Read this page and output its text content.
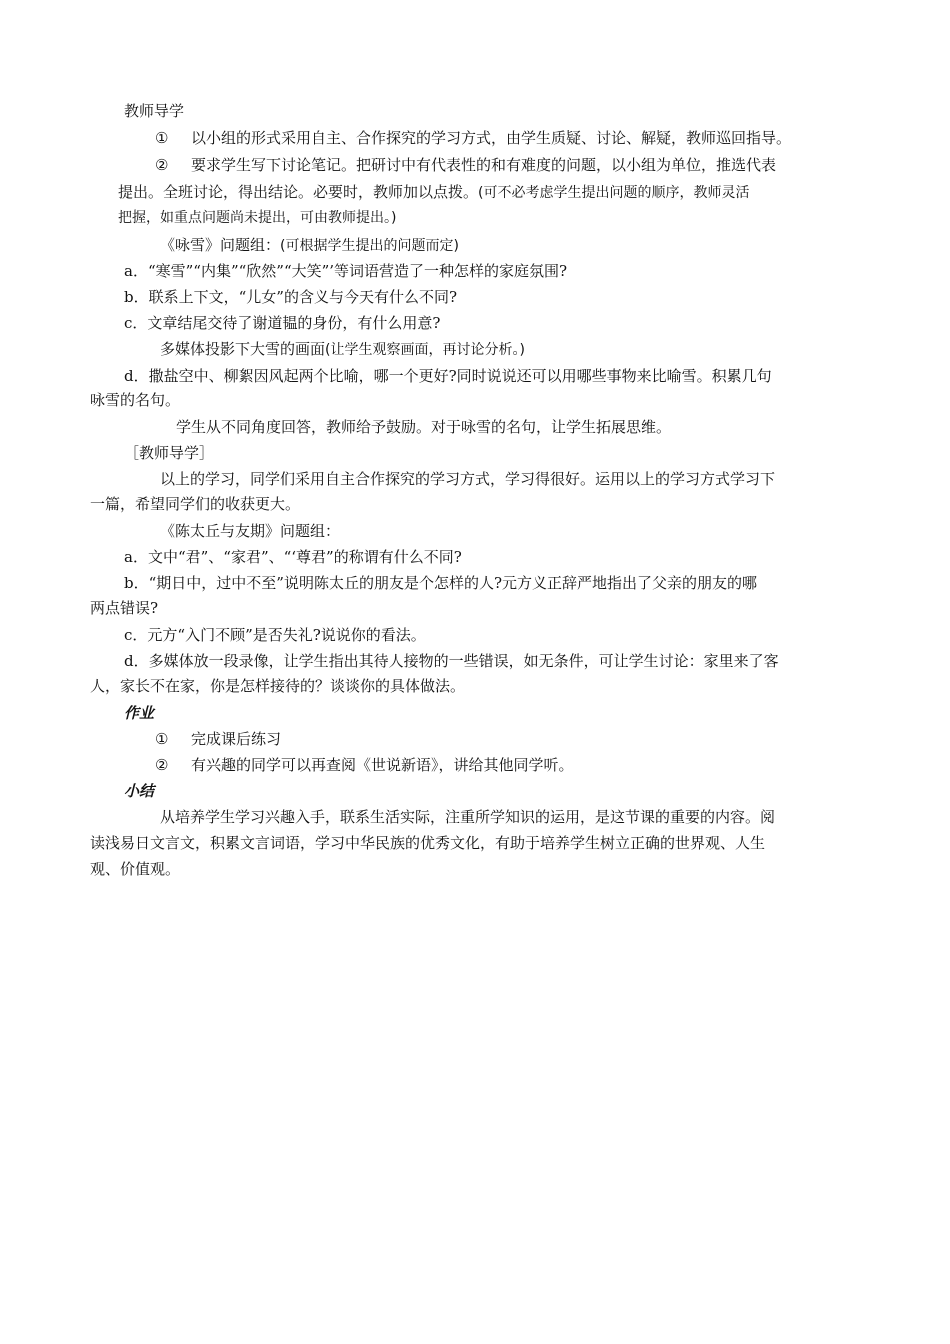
教师导学
① 以小组的形式采用自主、合作探究的学习方式，由学生质疑、讨论、解疑，教师巡回指导。
② 要求学生写下讨论笔记。把研讨中有代表性的和有难度的问题，以小组为单位，推选代表
提出。全班讨论，得出结论。必要时，教师加以点拨。(可不必考虑学生提出问题的顺序，教师灵活
把握，如重点问题尚未提出，可由教师提出。)
《咏雪》问题组：(可根据学生提出的问题而定)
a．“寒雪”“内集”“欣然”“大笑”’等词语营造了一种怎样的家庭氛围?
b．联系上下文，“儿女”的含义与今天有什么不同?
c．文章结尾交待了谢道韫的身份，有什么用意?
多媒体投影下大雪的画面(让学生观察画面，再讨论分析。)
d．撒盐空中、柳絮因风起两个比喻，哪一个更好?同时说说还可以用哪些事物来比喻雪。积累几句
咏雪的名句。
学生从不同角度回答，教师给予鼓励。对于咏雪的名句，让学生拓展思维。
［教师导学］
以上的学习，同学们采用自主合作探究的学习方式，学习得很好。运用以上的学习方式学习下
一篇，希望同学们的收获更大。
《陈太丘与友期》问题组：
a．文中“君”、“家君”、“‘尊君”的称谓有什么不同?
b．“期日中，过中不至”说明陈太丘的朋友是个怎样的人?元方义正辞严地指出了父亲的朋友的哪
两点错误?
c．元方“入门不顾”是否失礼?说说你的看法。
d．多媒体放一段录像，让学生指出其待人接物的一些错误，如无条件，可让学生讨论：家里来了客
人，家长不在家，你是怎样接待的？谈谈你的具体做法。
作业
① 完成课后练习
② 有兴趣的同学可以再查阅《世说新语》，讲给其他同学听。
小结
从培养学生学习兴趣入手，联系生活实际，注重所学知识的运用，是这节课的重要的内容。阅
读浅易日文言文，积累文言词语，学习中华民族的优秀文化，有助于培养学生树立正确的世界观、人生
观、价值观。
